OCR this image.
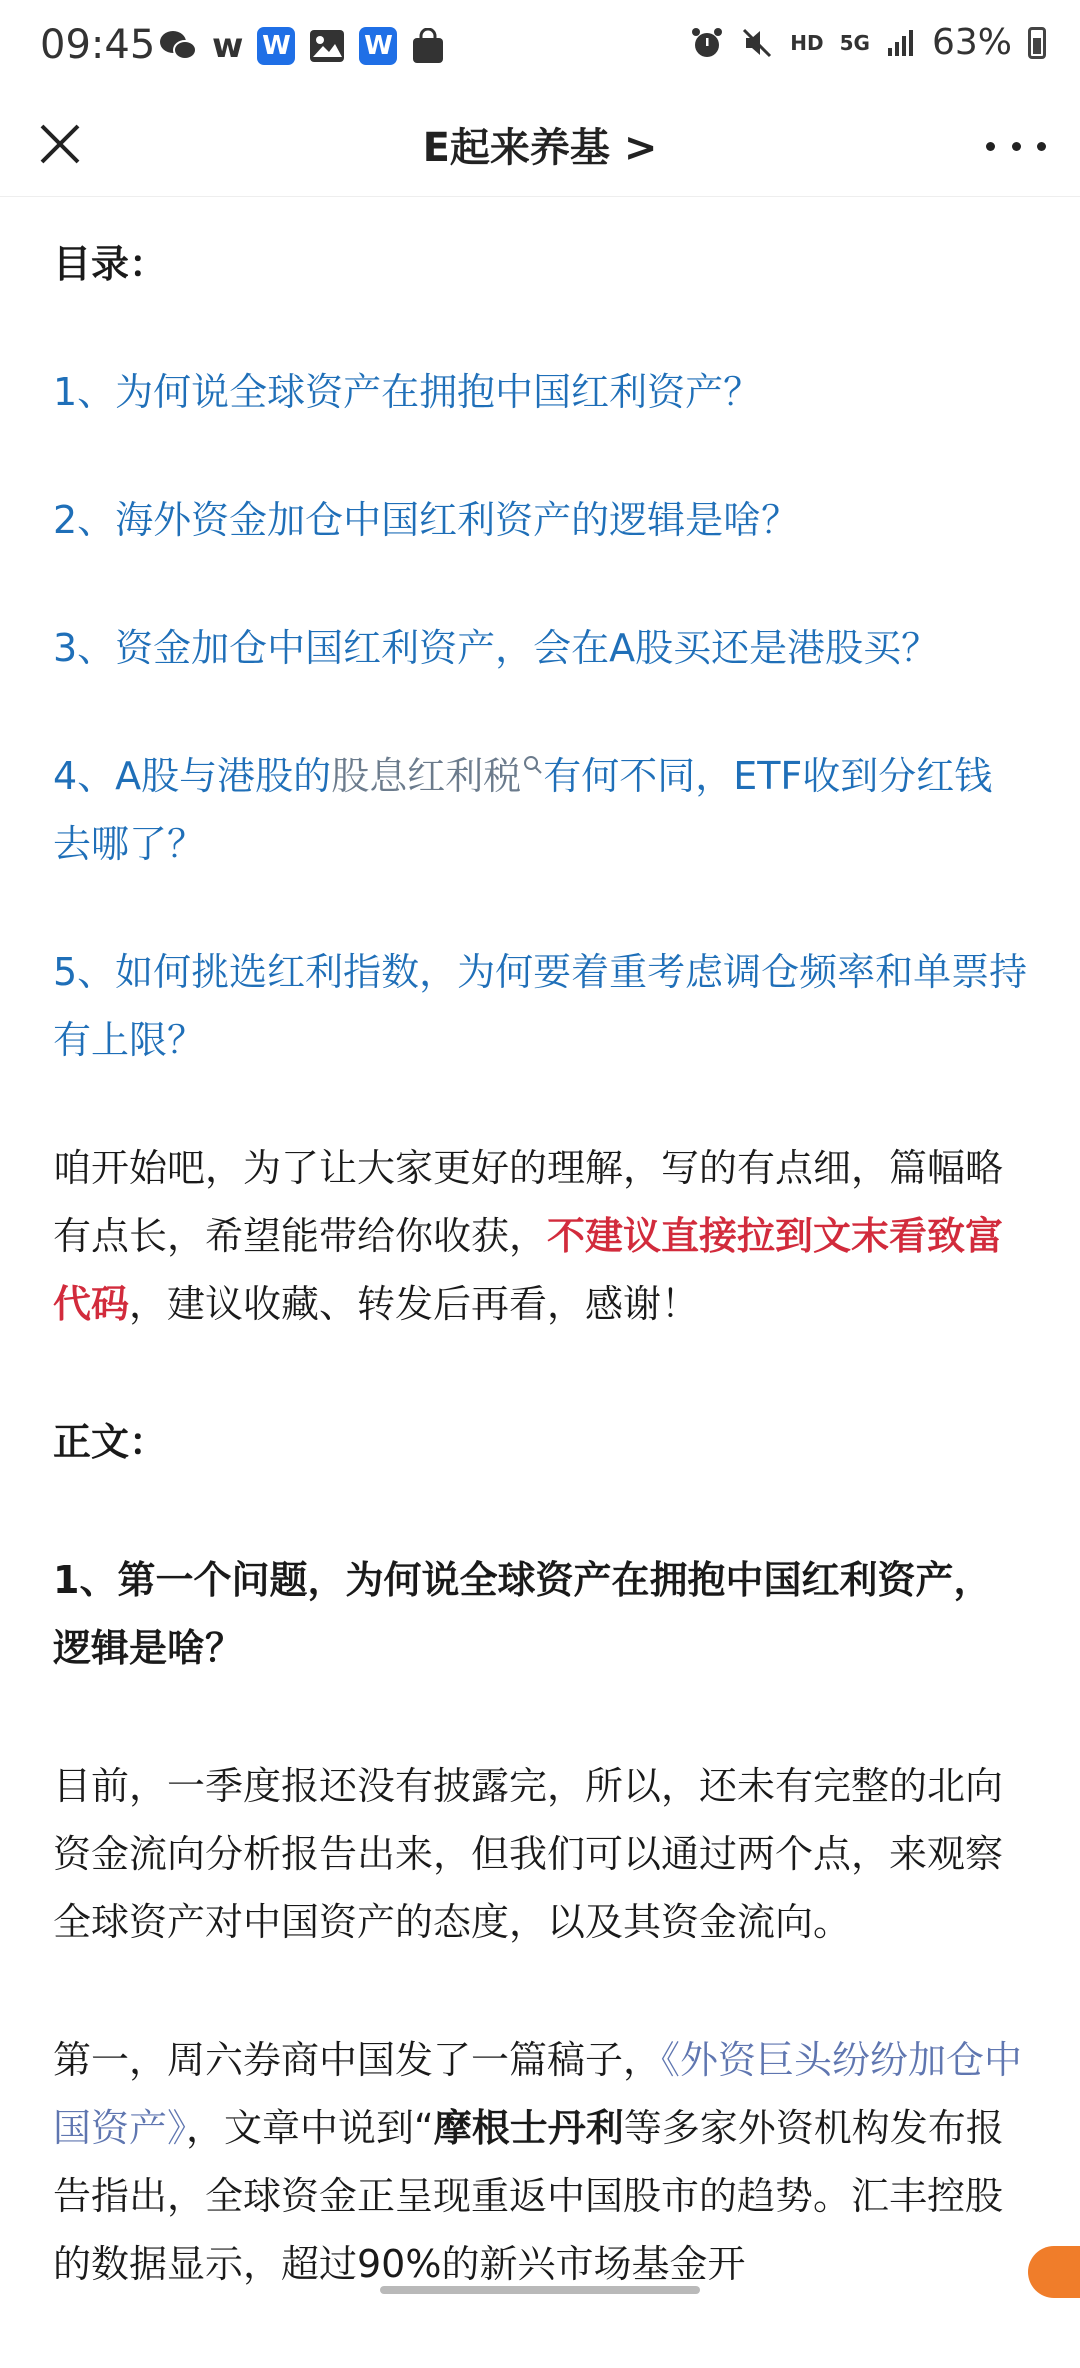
09:45 w W	W	HD 5G 63%
E起来养基 >

目录：

1、为何说全球资产在拥抱中国红利资产？

2、海外资金加仓中国红利资产的逻辑是啥？

3、资金加仓中国红利资产，会在A股买还是港股买？

4、A股与港股的股息红利税 有何不同，ETF收到分红钱去哪了？

5、如何挑选红利指数，为何要着重考虑调仓频率和单票持有上限？

咱开始吧，为了让大家更好的理解，写的有点细，篇幅略有点长，希望能带给你收获，不建议直接拉到文末看致富代码，建议收藏、转发后再看，感谢！

正文：

1、第一个问题，为何说全球资产在拥抱中国红利资产，逻辑是啥？

目前，一季度报还没有披露完，所以，还未有完整的北向资金流向分析报告出来，但我们可以通过两个点，来观察全球资产对中国资产的态度，以及其资金流向。

第一，周六券商中国发了一篇稿子，《外资巨头纷纷加仓中国资产》，文章中说到“摩根士丹利等多家外资机构发布报告指出，全球资金正呈现重返中国股市的趋势。汇丰控股的数据显示，超过90%的新兴市场基金开
